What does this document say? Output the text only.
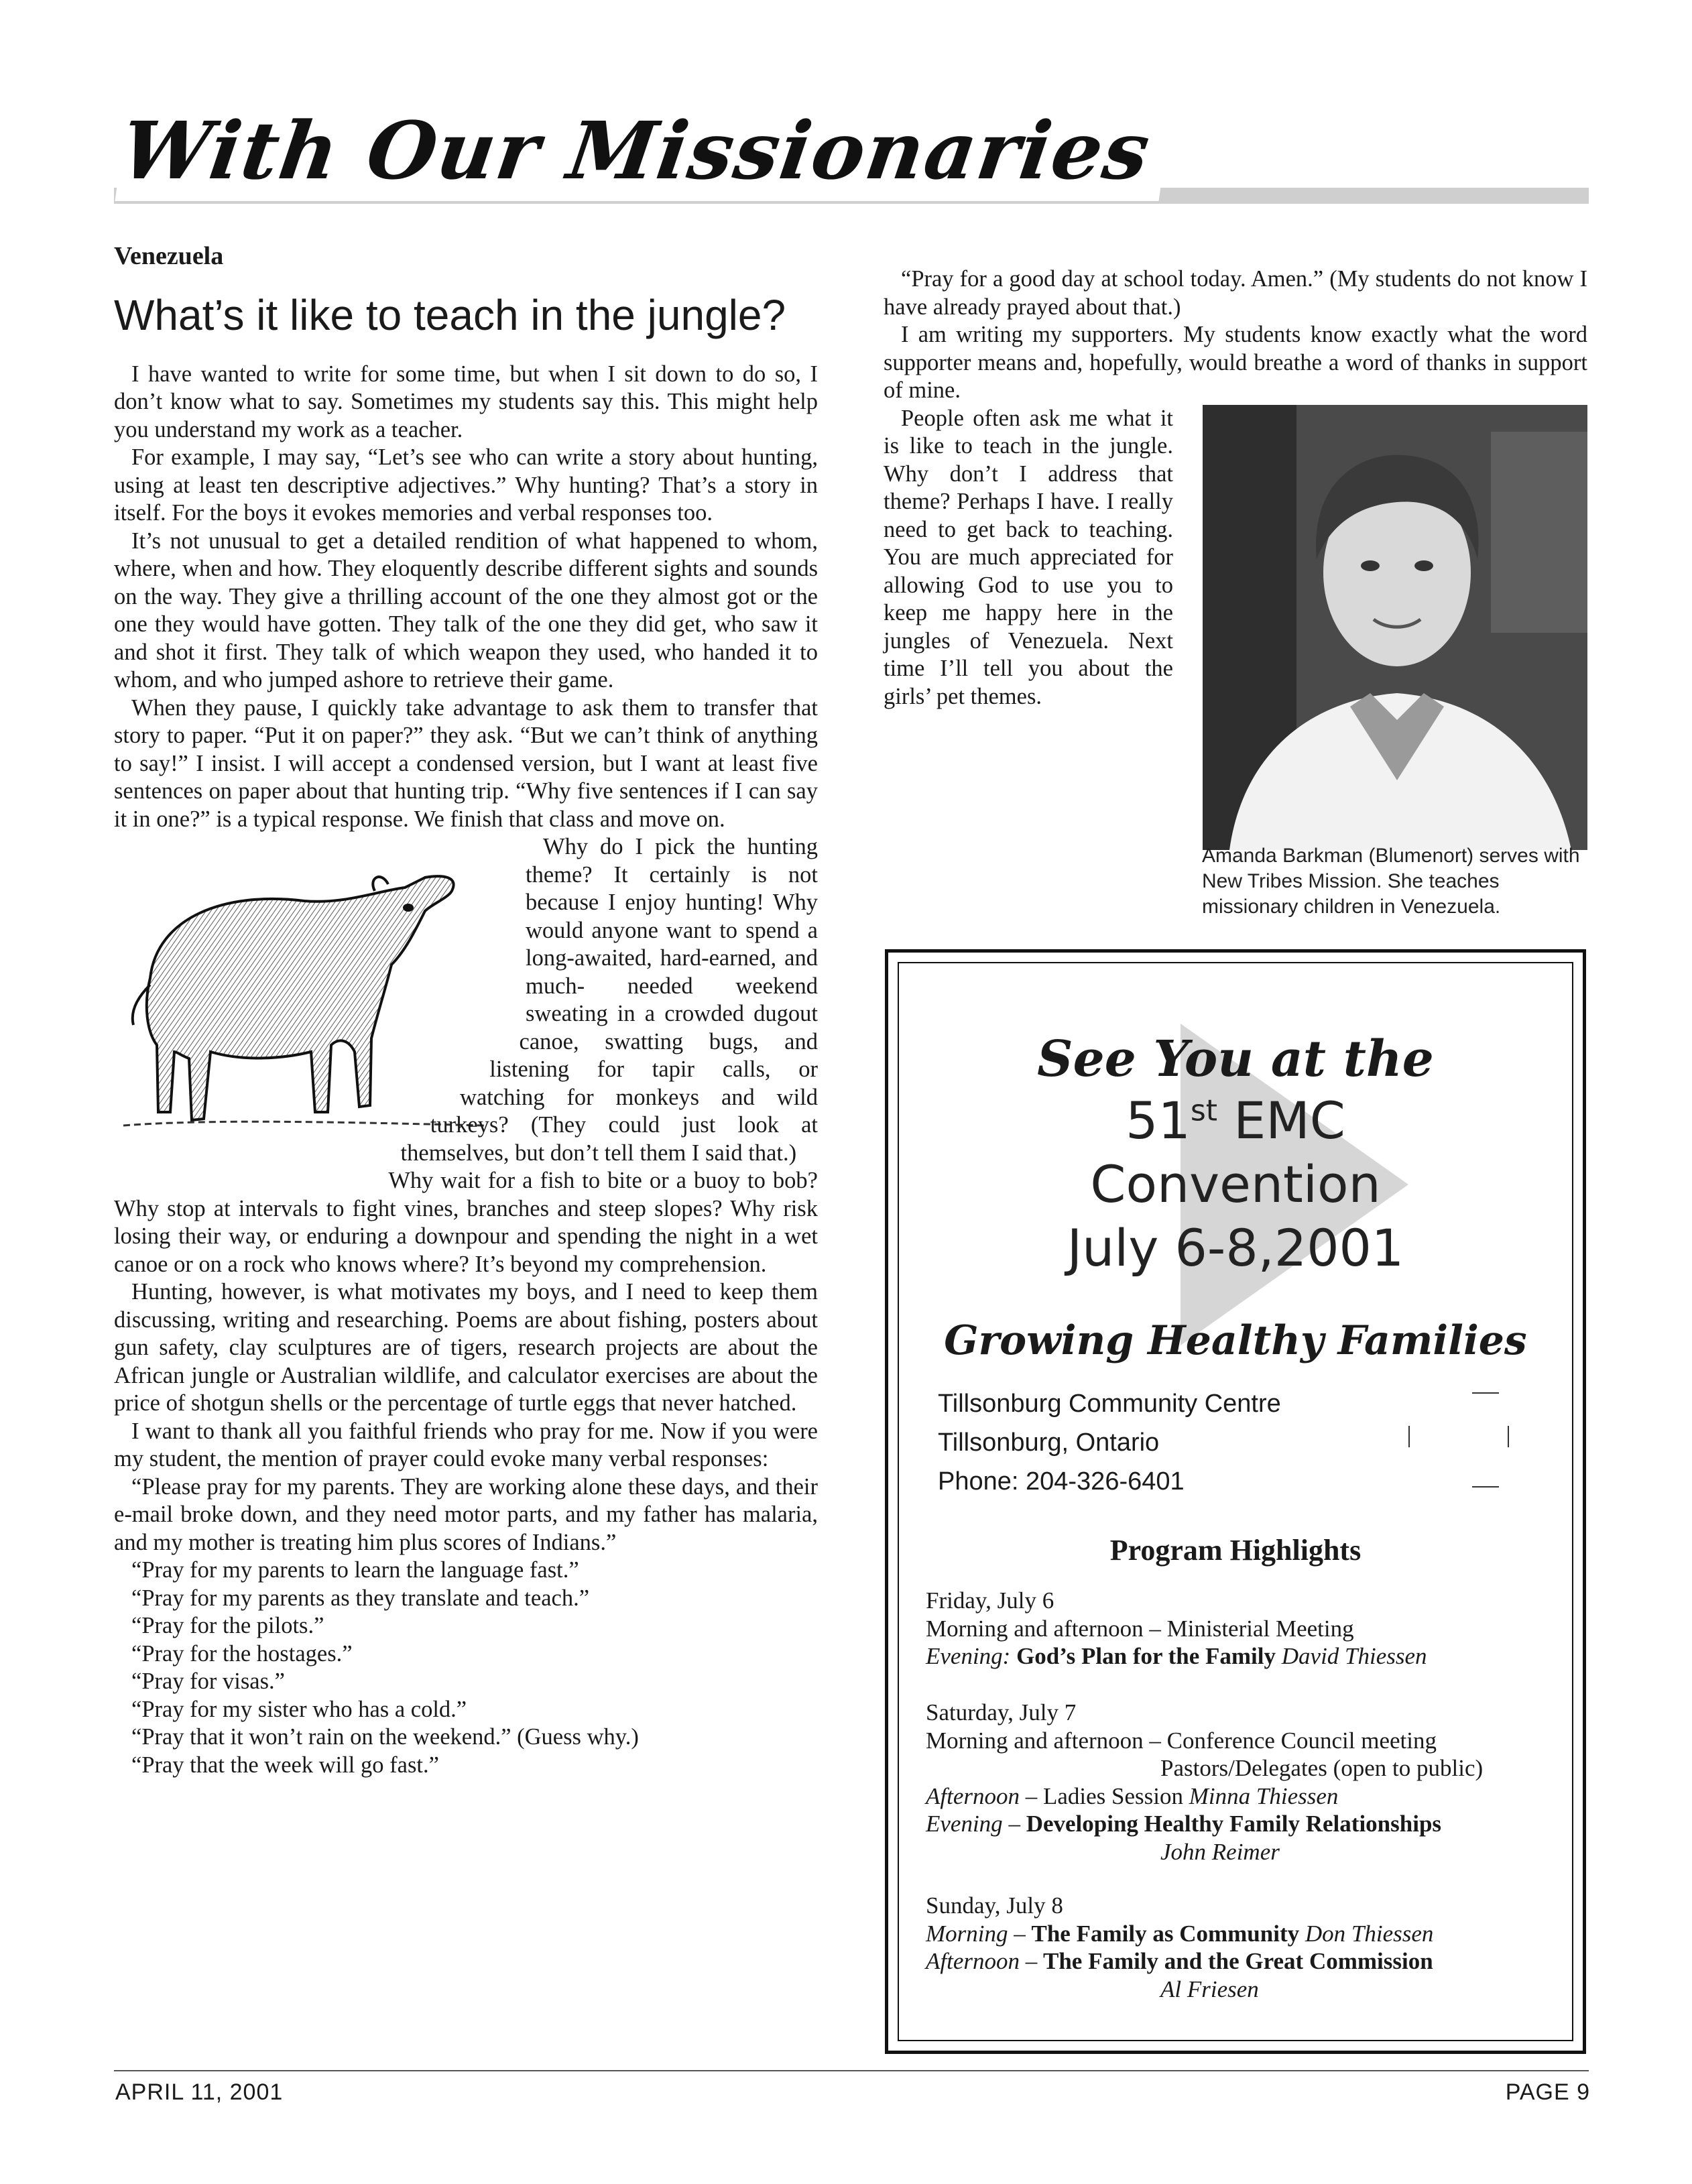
With Our Missionaries
Venezuela
What’s it like to teach in the jungle?

I have wanted to write for some time, but when I sit down to do so, I don’t know what to say. Sometimes my students say this. This might help you understand my work as a teacher.

For example, I may say, “Let’s see who can write a story about hunting, using at least ten descriptive adjectives.” Why hunting? That’s a story in itself. For the boys it evokes memories and verbal responses too.

It’s not unusual to get a detailed rendition of what happened to whom, where, when and how. They eloquently describe different sights and sounds on the way. They give a thrilling account of the one they almost got or the one they would have gotten. They talk of the one they did get, who saw it and shot it first. They talk of which weapon they used, who handed it to whom, and who jumped ashore to retrieve their game.

When they pause, I quickly take advantage to ask them to transfer that story to paper. “Put it on paper?” they ask. “But we can’t think of anything to say!” I insist. I will accept a condensed version, but I want at least five sentences on paper about that hunting trip. “Why five sentences if I can say it in one?” is a typical response. We finish that class and move on.

Why do I pick the hunting theme? It certainly is not because I enjoy hunting! Why would anyone want to spend a long-awaited, hard-earned, and much- needed weekend sweating in a crowded dugout canoe, swatting bugs, and listening for tapir calls, or watching for monkeys and wild turkeys? (They could just look at themselves, but don’t tell them I said that.)

Why wait for a fish to bite or a buoy to bob? Why stop at intervals to fight vines, branches and steep slopes? Why risk losing their way, or enduring a downpour and spending the night in a wet canoe or on a rock who knows where? It’s beyond my comprehension.

Hunting, however, is what motivates my boys, and I need to keep them discussing, writing and researching. Poems are about fishing, posters about gun safety, clay sculptures are of tigers, research projects are about the African jungle or Australian wildlife, and calculator exercises are about the price of shotgun shells or the percentage of turtle eggs that never hatched.

I want to thank all you faithful friends who pray for me. Now if you were my student, the mention of prayer could evoke many verbal responses:

“Please pray for my parents. They are working alone these days, and their e-mail broke down, and they need motor parts, and my father has malaria, and my mother is treating him plus scores of Indians.”

“Pray for my parents to learn the language fast.”

“Pray for my parents as they translate and teach.”

“Pray for the pilots.”

“Pray for the hostages.”

“Pray for visas.”

“Pray for my sister who has a cold.”

“Pray that it won’t rain on the weekend.” (Guess why.)

“Pray that the week will go fast.”

“Pray for a good day at school today. Amen.” (My students do not know I have already prayed about that.)

I am writing my supporters. My students know exactly what the word supporter means and, hopefully, would breathe a word of thanks in support of mine.

People often ask me what it is like to teach in the jungle. Why don’t I address that theme? Perhaps I have. I really need to get back to teaching. You are much appreciated for allowing God to use you to keep me happy here in the jungles of Venezuela. Next time I’ll tell you about the girls’ pet themes.

Amanda Barkman (Blumenort) serves with New Tribes Mission. She teaches missionary children in Venezuela.
See You at the
51st EMC
Convention
July 6-8,2001
Growing Healthy Families
Tillsonburg Community Centre
Tillsonburg, Ontario
Phone: 204-326-6401
Program Highlights
Friday, July 6
Morning and afternoon – Ministerial Meeting
Evening: God’s Plan for the Family David Thiessen
Saturday, July 7
Morning and afternoon – Conference Council meeting
Pastors/Delegates (open to public)
Afternoon – Ladies Session Minna Thiessen
Evening – Developing Healthy Family Relationships
John Reimer
Sunday, July 8
Morning – The Family as Community Don Thiessen
Afternoon – The Family and the Great Commission
Al Friesen
APRIL 11, 2001	PAGE 9
